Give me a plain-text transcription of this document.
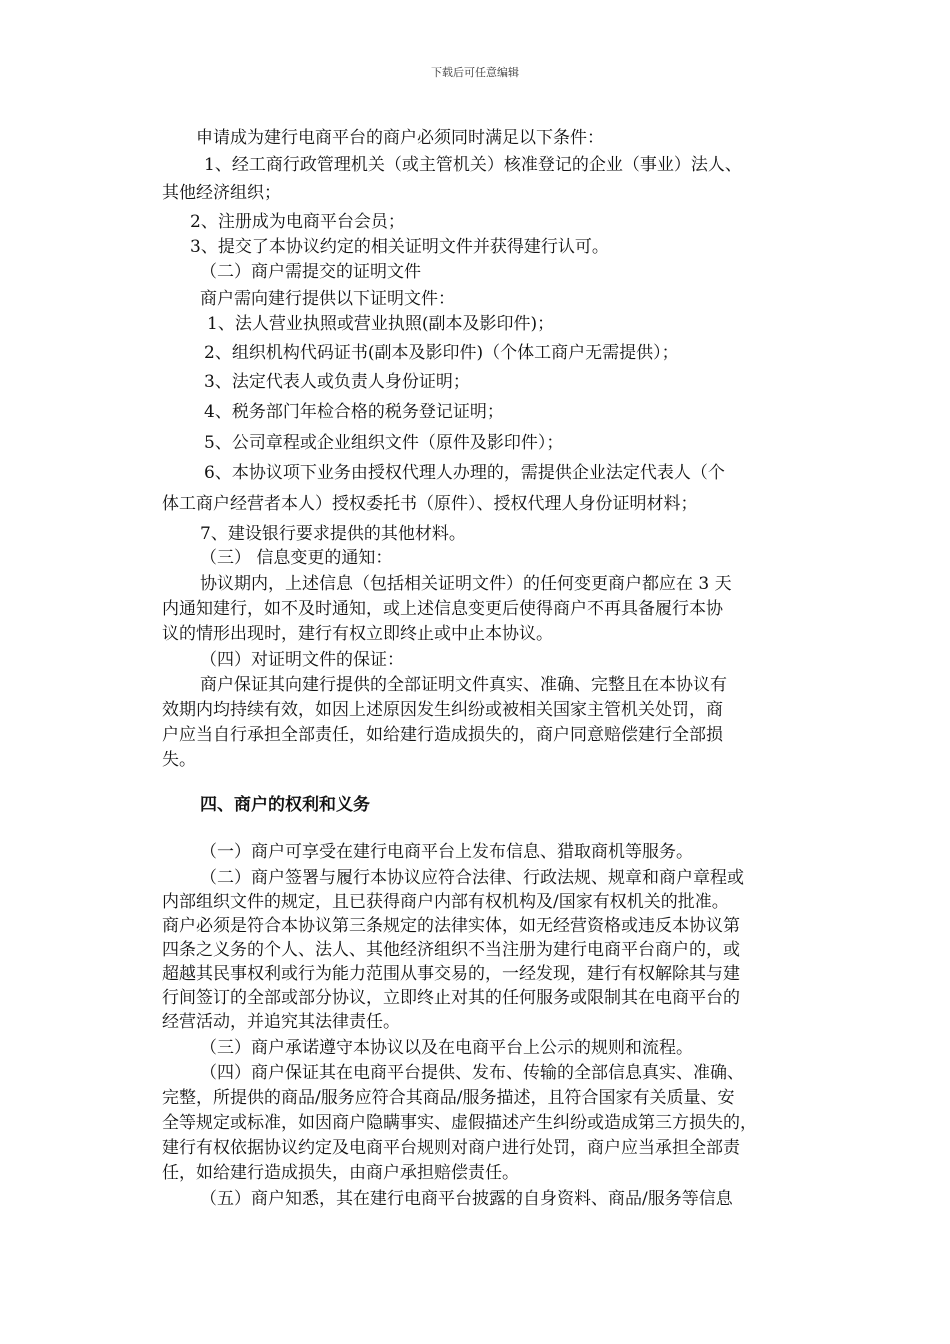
下载后可任意编辑
申请成为建行电商平台的商户必须同时满足以下条件：
1、经工商行政管理机关（或主管机关）核准登记的企业（事业）法人、
其他经济组织；
2、注册成为电商平台会员；
3、提交了本协议约定的相关证明文件并获得建行认可。
（二）商户需提交的证明文件
商户需向建行提供以下证明文件：
1、法人营业执照或营业执照(副本及影印件)；
2、组织机构代码证书(副本及影印件)（个体工商户无需提供）；
3、法定代表人或负责人身份证明；
4、税务部门年检合格的税务登记证明；
5、公司章程或企业组织文件（原件及影印件）；
6、本协议项下业务由授权代理人办理的，需提供企业法定代表人（个
体工商户经营者本人）授权委托书（原件）、授权代理人身份证明材料；
7、建设银行要求提供的其他材料。
（三） 信息变更的通知：
协议期内，上述信息（包括相关证明文件）的任何变更商户都应在 3 天
内通知建行，如不及时通知，或上述信息变更后使得商户不再具备履行本协
议的情形出现时，建行有权立即终止或中止本协议。
（四）对证明文件的保证：
商户保证其向建行提供的全部证明文件真实、准确、完整且在本协议有
效期内均持续有效，如因上述原因发生纠纷或被相关国家主管机关处罚，商
户应当自行承担全部责任，如给建行造成损失的，商户同意赔偿建行全部损
失。
四、商户的权利和义务
（一）商户可享受在建行电商平台上发布信息、猎取商机等服务。
（二）商户签署与履行本协议应符合法律、行政法规、规章和商户章程或
内部组织文件的规定，且已获得商户内部有权机构及/国家有权机关的批准。
商户必须是符合本协议第三条规定的法律实体，如无经营资格或违反本协议第
四条之义务的个人、法人、其他经济组织不当注册为建行电商平台商户的，或
超越其民事权利或行为能力范围从事交易的，一经发现，建行有权解除其与建
行间签订的全部或部分协议，立即终止对其的任何服务或限制其在电商平台的
经营活动，并追究其法律责任。
（三）商户承诺遵守本协议以及在电商平台上公示的规则和流程。
（四）商户保证其在电商平台提供、发布、传输的全部信息真实、准确、
完整，所提供的商品/服务应符合其商品/服务描述，且符合国家有关质量、安
全等规定或标准，如因商户隐瞒事实、虚假描述产生纠纷或造成第三方损失的，
建行有权依据协议约定及电商平台规则对商户进行处罚，商户应当承担全部责
任，如给建行造成损失，由商户承担赔偿责任。
（五）商户知悉，其在建行电商平台披露的自身资料、商品/服务等信息
